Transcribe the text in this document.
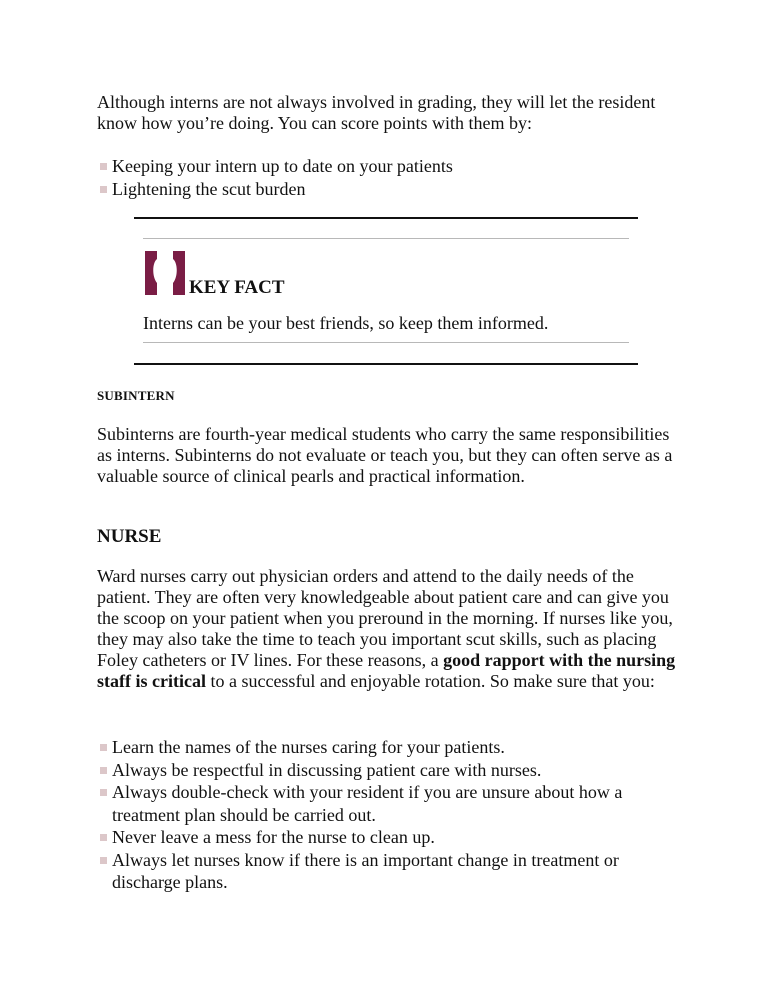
Although interns are not always involved in grading, they will let the resident know how you’re doing. You can score points with them by:

Keeping your intern up to date on your patients
Lightening the scut burden
KEY FACT
Interns can be your best friends, so keep them informed.
SUBINTERN

Subinterns are fourth-year medical students who carry the same responsibilities as interns. Subinterns do not evaluate or teach you, but they can often serve as a valuable source of clinical pearls and practical information.

NURSE

Ward nurses carry out physician orders and attend to the daily needs of the patient. They are often very knowledgeable about patient care and can give you the scoop on your patient when you preround in the morning. If nurses like you, they may also take the time to teach you important scut skills, such as placing Foley catheters or IV lines. For these reasons, a good rapport with the nursing staff is critical to a successful and enjoyable rotation. So make sure that you:

Learn the names of the nurses caring for your patients.
Always be respectful in discussing patient care with nurses.
Always double-check with your resident if you are unsure about how a treatment plan should be carried out.
Never leave a mess for the nurse to clean up.
Always let nurses know if there is an important change in treatment or discharge plans.
